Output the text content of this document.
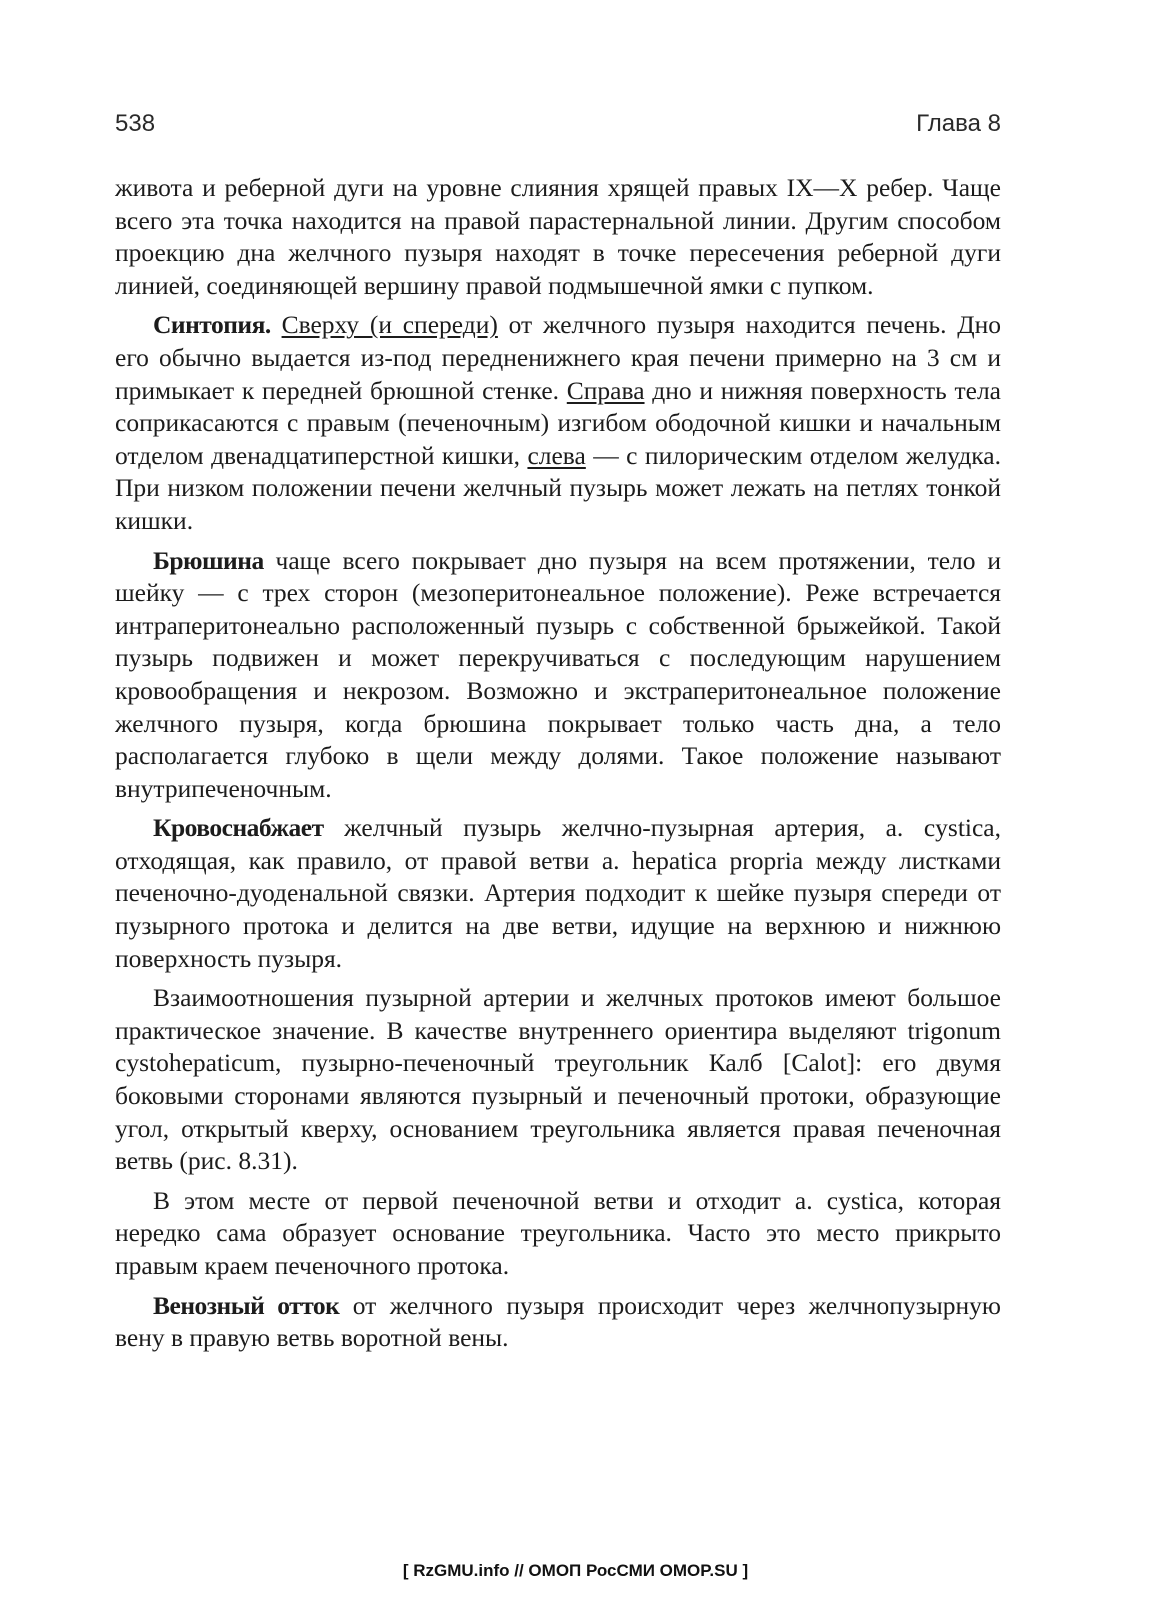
538	Глава 8

живота и реберной дуги на уровне слияния хрящей правых IX—X ребер. Чаще всего эта точка находится на правой парастернальной линии. Другим способом проекцию дна желчного пузыря находят в точке пересечения реберной дуги линией, соединяющей вершину правой подмышечной ямки с пупком.

Синтопия. Сверху (и спереди) от желчного пузыря находится печень. Дно его обычно выдается из-под передненижнего края печени примерно на 3 см и примыкает к передней брюшной стенке. Справа дно и нижняя поверхность тела соприкасаются с правым (печеночным) изгибом ободочной кишки и начальным отделом двенадцатиперстной кишки, слева — с пилорическим отделом желудка. При низком положении печени желчный пузырь может лежать на петлях тонкой кишки.

Брюшина чаще всего покрывает дно пузыря на всем протяжении, тело и шейку — с трех сторон (мезоперитонеальное положение). Реже встречается интраперитонеально расположенный пузырь с собственной брыжейкой. Такой пузырь подвижен и может перекручиваться с последующим нарушением кровообращения и некрозом. Возможно и экстраперитонеальное положение желчного пузыря, когда брюшина покрывает только часть дна, а тело располагается глубоко в щели между долями. Такое положение называют внутрипеченочным.

Кровоснабжает желчный пузырь желчно-пузырная артерия, a. cystica, отходящая, как правило, от правой ветви a. hepatica propria между листками печеночно-дуоденальной связки. Артерия подходит к шейке пузыря спереди от пузырного протока и делится на две ветви, идущие на верхнюю и нижнюю поверхность пузыря.

Взаимоотношения пузырной артерии и желчных протоков имеют большое практическое значение. В качестве внутреннего ориентира выделяют trigonum cystohepaticum, пузырно-печеночный треугольник Калб [Calot]: его двумя боковыми сторонами являются пузырный и печеночный протоки, образующие угол, открытый кверху, основанием треугольника является правая печеночная ветвь (рис. 8.31).

В этом месте от первой печеночной ветви и отходит a. cystica, которая нередко сама образует основание треугольника. Часто это место прикрыто правым краем печеночного протока.

Венозный отток от желчного пузыря происходит через желчнопузырную вену в правую ветвь воротной вены.

[ RzGMU.info // ОМОП РосСМИ OMOP.SU ]
